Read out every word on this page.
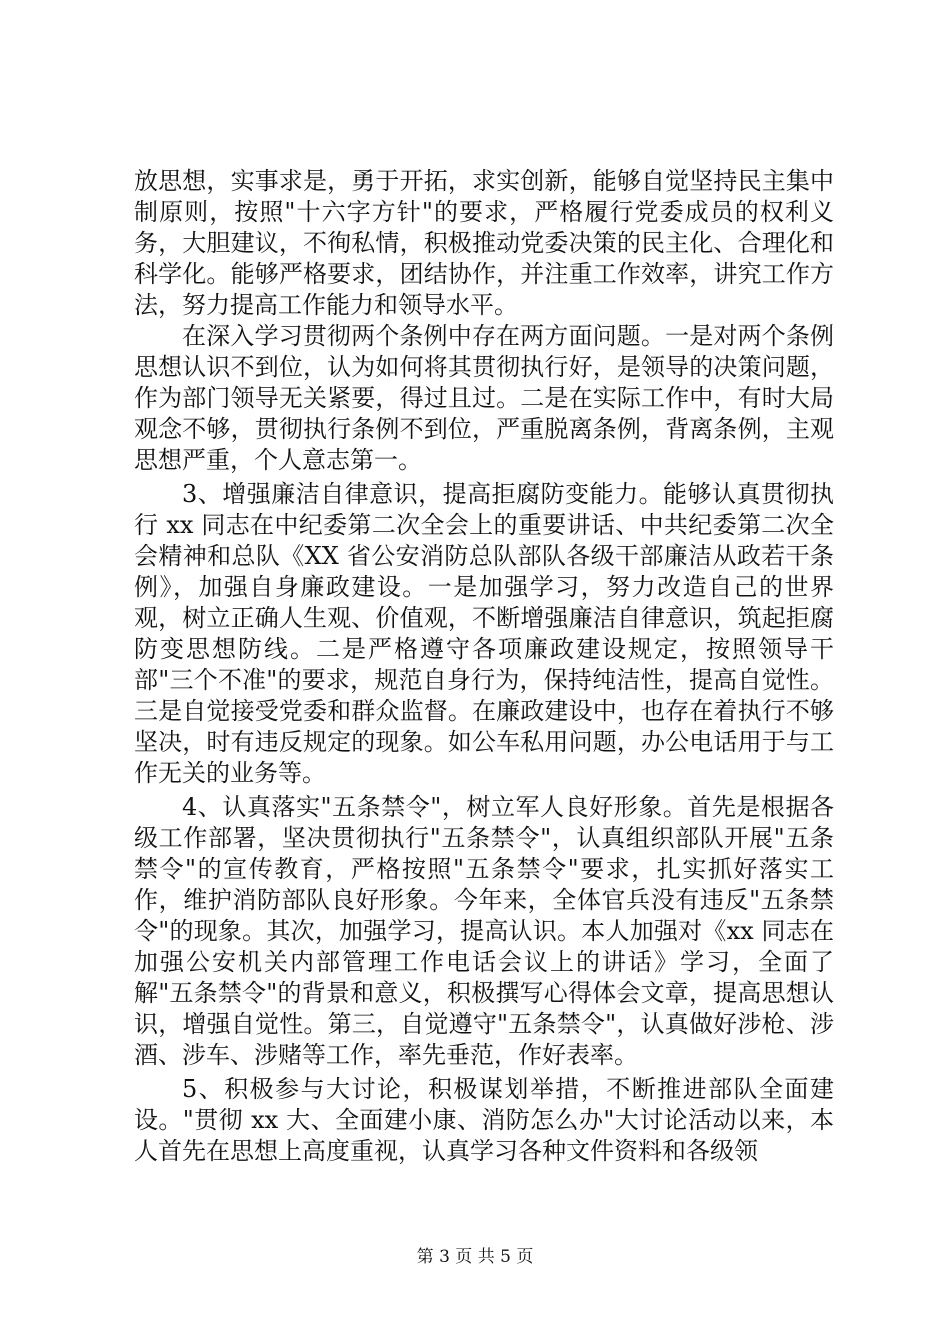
放思想，实事求是，勇于开拓，求实创新，能够自觉坚持民主集中制原则，按照"十六字方针"的要求，严格履行党委成员的权利义务，大胆建议，不徇私情，积极推动党委决策的民主化、合理化和科学化。能够严格要求，团结协作，并注重工作效率，讲究工作方法，努力提高工作能力和领导水平。

在深入学习贯彻两个条例中存在两方面问题。一是对两个条例思想认识不到位，认为如何将其贯彻执行好，是领导的决策问题，作为部门领导无关紧要，得过且过。二是在实际工作中，有时大局观念不够，贯彻执行条例不到位，严重脱离条例，背离条例，主观思想严重，个人意志第一。

3、增强廉洁自律意识，提高拒腐防变能力。能够认真贯彻执行 xx 同志在中纪委第二次全会上的重要讲话、中共纪委第二次全会精神和总队《XX 省公安消防总队部队各级干部廉洁从政若干条例》，加强自身廉政建设。一是加强学习，努力改造自己的世界观，树立正确人生观、价值观，不断增强廉洁自律意识，筑起拒腐防变思想防线。二是严格遵守各项廉政建设规定，按照领导干部"三个不准"的要求，规范自身行为，保持纯洁性，提高自觉性。三是自觉接受党委和群众监督。在廉政建设中，也存在着执行不够坚决，时有违反规定的现象。如公车私用问题，办公电话用于与工作无关的业务等。

4、认真落实"五条禁令"，树立军人良好形象。首先是根据各级工作部署，坚决贯彻执行"五条禁令"，认真组织部队开展"五条禁令"的宣传教育，严格按照"五条禁令"要求，扎实抓好落实工作，维护消防部队良好形象。今年来，全体官兵没有违反"五条禁令"的现象。其次，加强学习，提高认识。本人加强对《xx 同志在加强公安机关内部管理工作电话会议上的讲话》学习，全面了解"五条禁令"的背景和意义，积极撰写心得体会文章，提高思想认识，增强自觉性。第三，自觉遵守"五条禁令"，认真做好涉枪、涉酒、涉车、涉赌等工作，率先垂范，作好表率。

5、积极参与大讨论，积极谋划举措，不断推进部队全面建设。"贯彻 xx 大、全面建小康、消防怎么办"大讨论活动以来，本人首先在思想上高度重视，认真学习各种文件资料和各级领

第 3 页 共 5 页
